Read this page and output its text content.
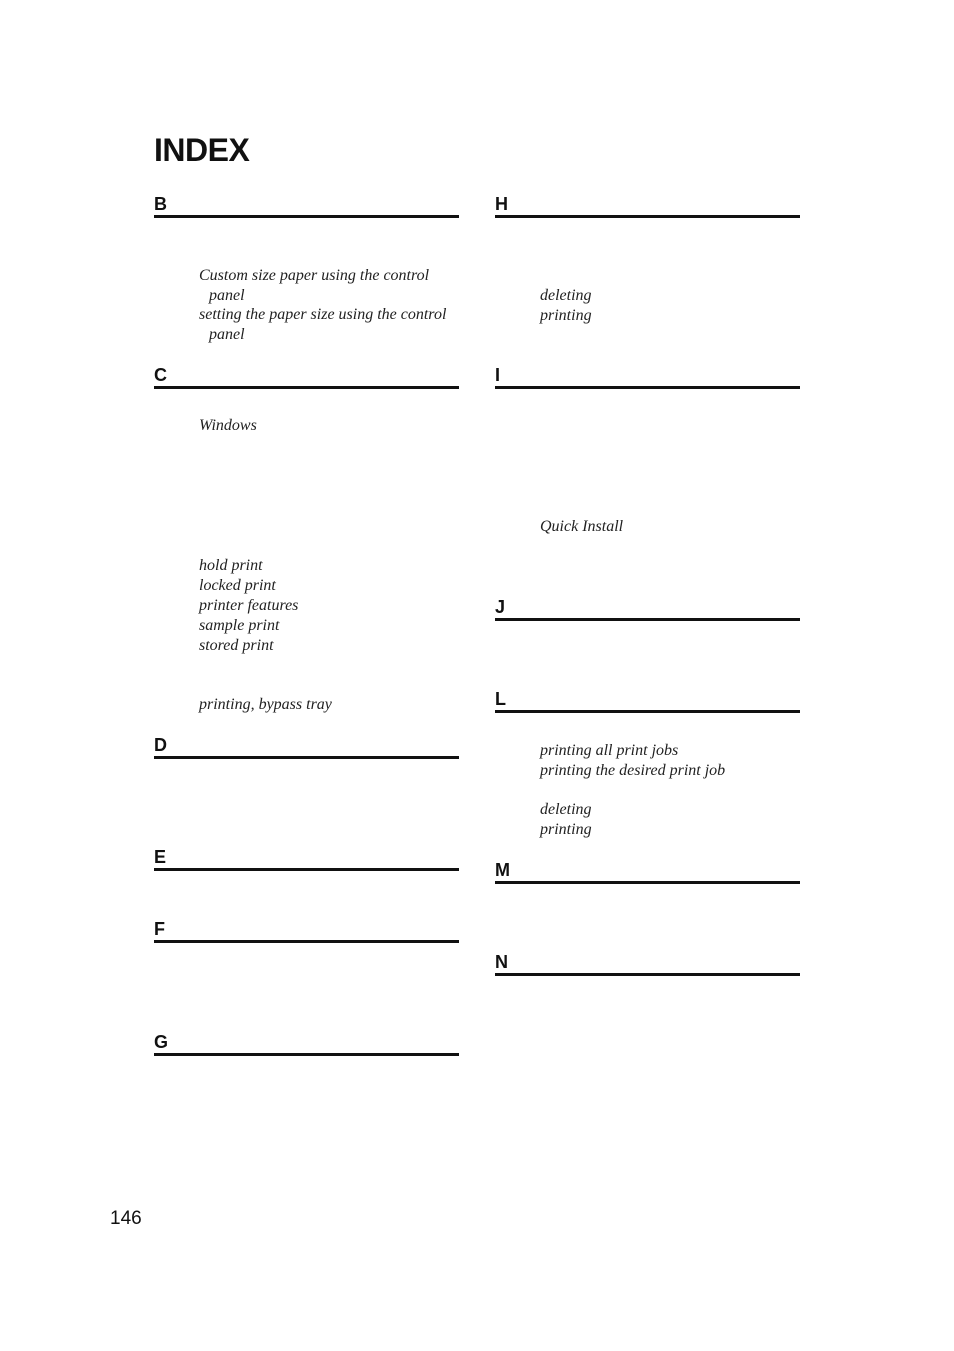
INDEX
B
Custom size paper using the control
panel
setting the paper size using the control
panel
C
Windows
hold print
locked print
printer features
sample print
stored print
printing, bypass tray
D
E
F
G
H
deleting
printing
I
Quick Install
J
L
printing all print jobs
printing the desired print job
deleting
printing
M
N
146
